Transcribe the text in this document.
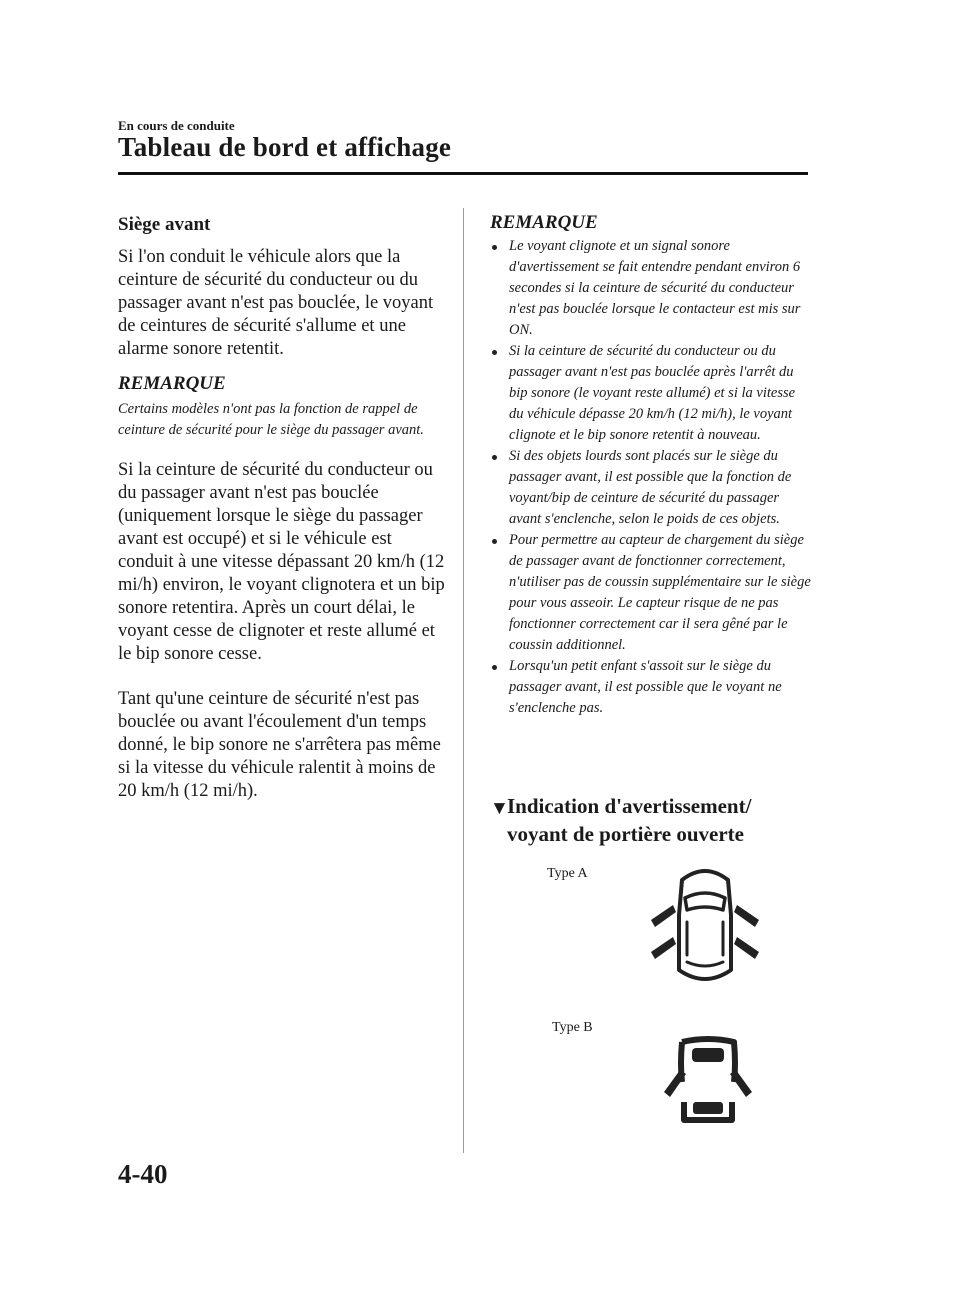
En cours de conduite
Tableau de bord et affichage
Siège avant

Si l'on conduit le véhicule alors que la ceinture de sécurité du conducteur ou du passager avant n'est pas bouclée, le voyant de ceintures de sécurité s'allume et une alarme sonore retentit.

REMARQUE

Certains modèles n'ont pas la fonction de rappel de ceinture de sécurité pour le siège du passager avant.

Si la ceinture de sécurité du conducteur ou du passager avant n'est pas bouclée (uniquement lorsque le siège du passager avant est occupé) et si le véhicule est conduit à une vitesse dépassant 20 km/h (12 mi/h) environ, le voyant clignotera et un bip sonore retentira. Après un court délai, le voyant cesse de clignoter et reste allumé et le bip sonore cesse.

Tant qu'une ceinture de sécurité n'est pas bouclée ou avant l'écoulement d'un temps donné, le bip sonore ne s'arrêtera pas même si la vitesse du véhicule ralentit à moins de 20 km/h (12 mi/h).

REMARQUE
Le voyant clignote et un signal sonore d'avertissement se fait entendre pendant environ 6 secondes si la ceinture de sécurité du conducteur n'est pas bouclée lorsque le contacteur est mis sur ON.
Si la ceinture de sécurité du conducteur ou du passager avant n'est pas bouclée après l'arrêt du bip sonore (le voyant reste allumé) et si la vitesse du véhicule dépasse 20 km/h (12 mi/h), le voyant clignote et le bip sonore retentit à nouveau.
Si des objets lourds sont placés sur le siège du passager avant, il est possible que la fonction de voyant/bip de ceinture de sécurité du passager avant s'enclenche, selon le poids de ces objets.
Pour permettre au capteur de chargement du siège de passager avant de fonctionner correctement, n'utiliser pas de coussin supplémentaire sur le siège pour vous asseoir. Le capteur risque de ne pas fonctionner correctement car il sera gêné par le coussin additionnel.
Lorsqu'un petit enfant s'assoit sur le siège du passager avant, il est possible que le voyant ne s'enclenche pas.
▼
Indication d'avertissement/ voyant de portière ouverte
Type A
Type B
4-40
